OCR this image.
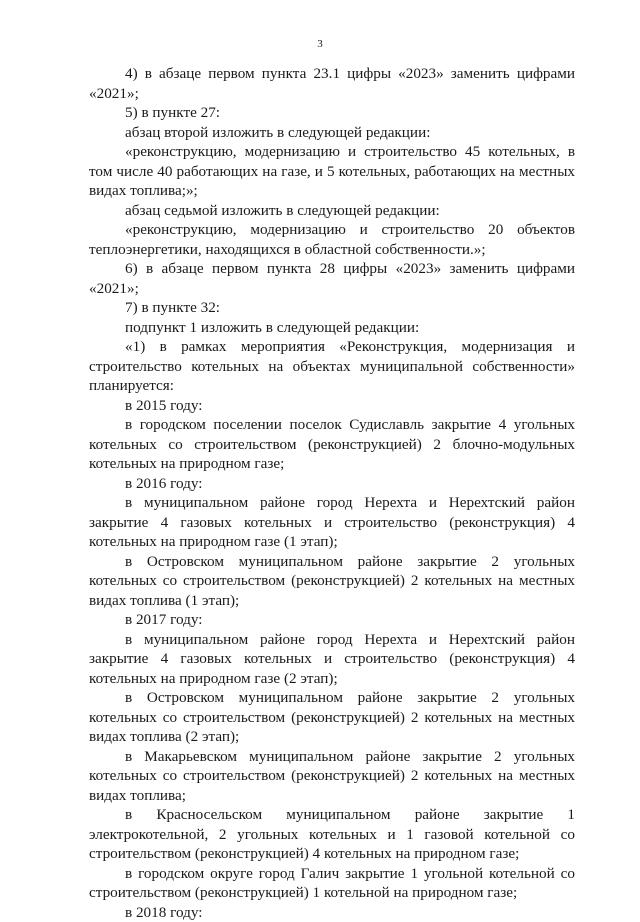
3

4) в абзаце первом пункта 23.1 цифры «2023» заменить цифрами «2021»;

5) в пункте 27:

абзац второй изложить в следующей редакции:

«реконструкцию, модернизацию и строительство 45 котельных, в том числе 40 работающих на газе, и 5 котельных, работающих на местных видах топлива;»;

абзац седьмой изложить в следующей редакции:

«реконструкцию, модернизацию и строительство 20 объектов теплоэнергетики, находящихся в областной собственности.»;

6) в абзаце первом пункта 28 цифры «2023» заменить цифрами «2021»;

7) в пункте 32:

подпункт 1 изложить в следующей редакции:

«1) в рамках мероприятия «Реконструкция, модернизация и строительство котельных на объектах муниципальной собственности» планируется:

в 2015 году:

в городском поселении поселок Судиславль закрытие 4 угольных котельных со строительством (реконструкцией) 2 блочно-модульных котельных на природном газе;

в 2016 году:

в муниципальном районе город Нерехта и Нерехтский район закрытие 4 газовых котельных и строительство (реконструкция) 4 котельных на природном газе (1 этап);

в Островском муниципальном районе закрытие 2 угольных котельных со строительством (реконструкцией) 2 котельных на местных видах топлива (1 этап);

в 2017 году:

в муниципальном районе город Нерехта и Нерехтский район закрытие 4 газовых котельных и строительство (реконструкция) 4 котельных на природном газе (2 этап);

в Островском муниципальном районе закрытие 2 угольных котельных со строительством (реконструкцией) 2 котельных на местных видах топлива (2 этап);

в Макарьевском муниципальном районе закрытие 2 угольных котельных со строительством (реконструкцией) 2 котельных на местных видах топлива;

в Красносельском муниципальном районе закрытие 1 электрокотельной, 2 угольных котельных и 1 газовой котельной со строительством (реконструкцией) 4 котельных на природном газе;

в городском округе город Галич закрытие 1 угольной котельной со строительством (реконструкцией) 1 котельной на природном газе;

в 2018 году:
